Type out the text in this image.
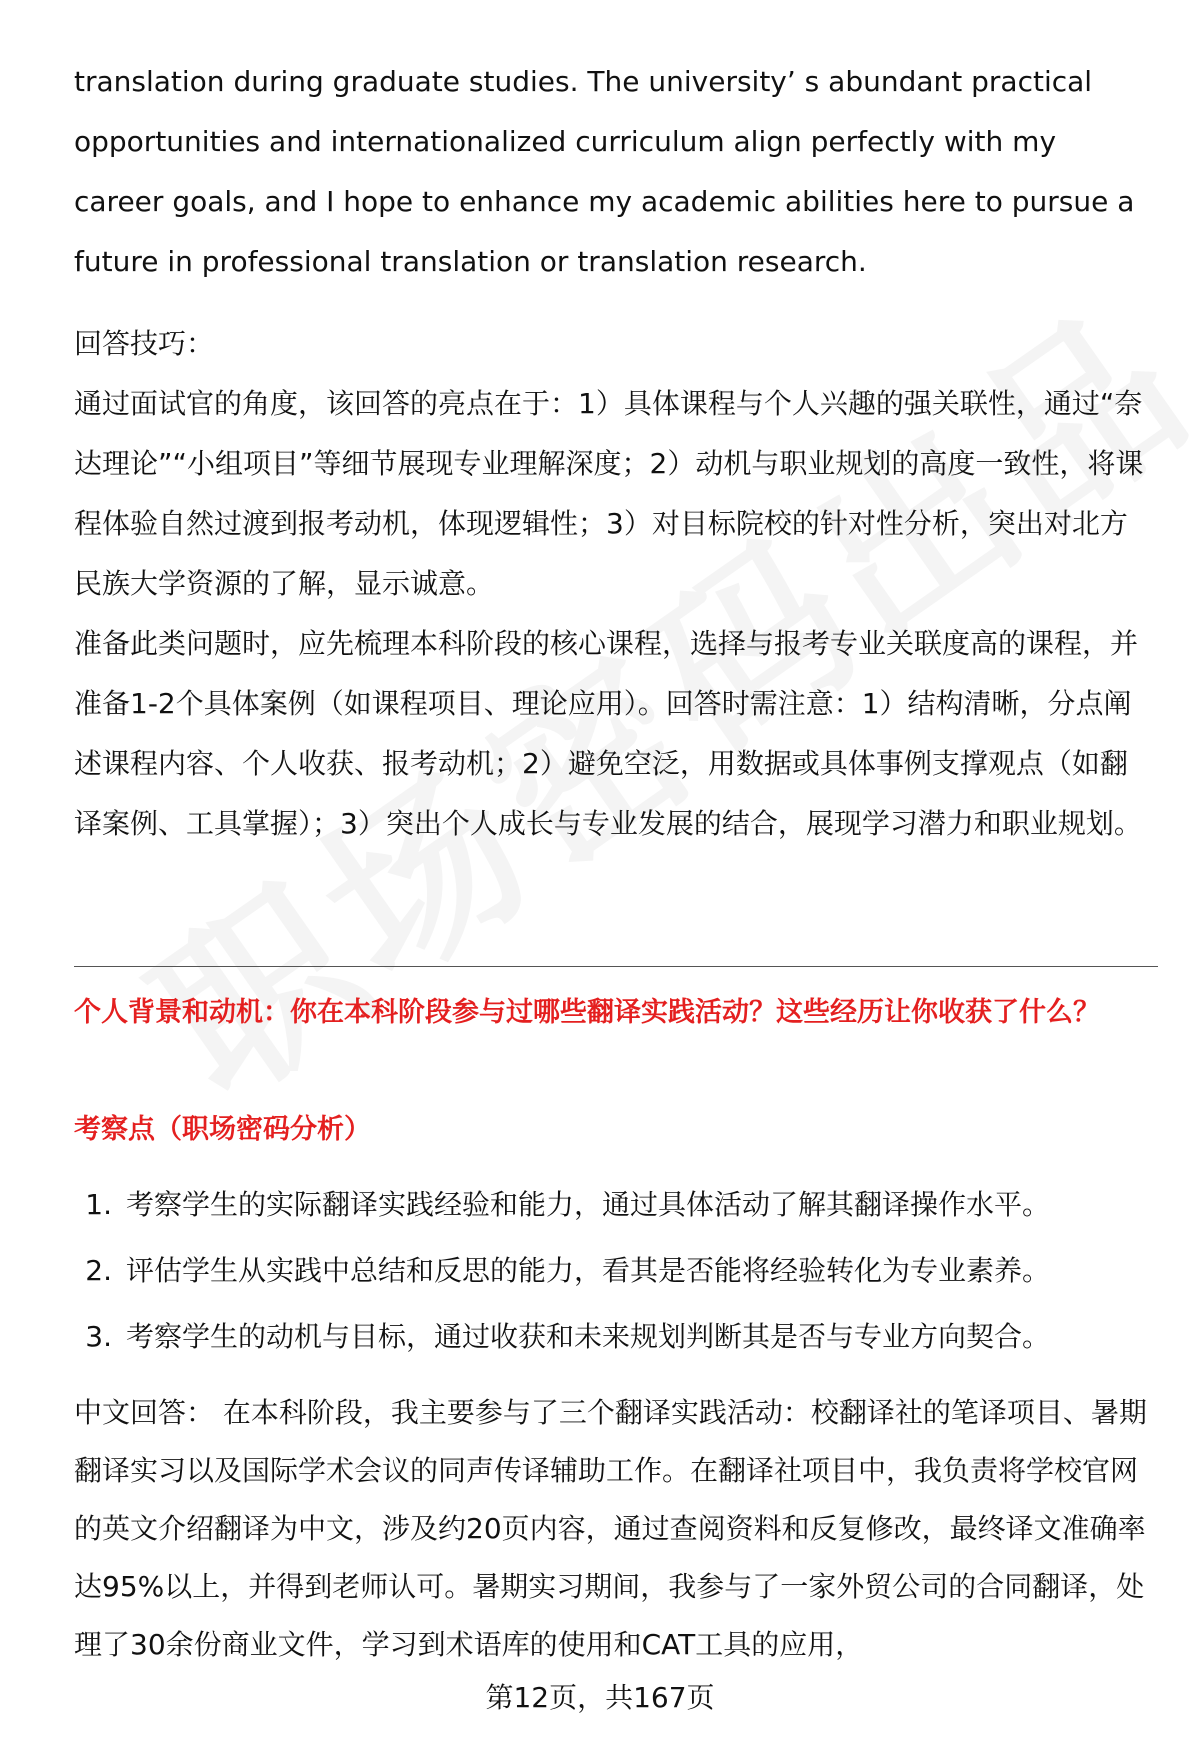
translation during graduate studies. The university’ s abundant practical opportunities and internationalized curriculum align perfectly with my career goals, and I hope to enhance my academic abilities here to pursue a future in professional translation or translation research.

回答技巧：

通过面试官的角度，该回答的亮点在于：1）具体课程与个人兴趣的强关联性，通过“奈达理论”“小组项目”等细节展现专业理解深度；2）动机与职业规划的高度一致性，将课程体验自然过渡到报考动机，体现逻辑性；3）对目标院校的针对性分析，突出对北方民族大学资源的了解，显示诚意。

准备此类问题时，应先梳理本科阶段的核心课程，选择与报考专业关联度高的课程，并准备1-2个具体案例（如课程项目、理论应用）。回答时需注意：1）结构清晰，分点阐述课程内容、个人收获、报考动机；2）避免空泛，用数据或具体事例支撑观点（如翻译案例、工具掌握）；3）突出个人成长与专业发展的结合，展现学习潜力和职业规划。

个人背景和动机：你在本科阶段参与过哪些翻译实践活动？这些经历让你收获了什么？

考察点（职场密码分析）

1. 考察学生的实际翻译实践经验和能力，通过具体活动了解其翻译操作水平。
2. 评估学生从实践中总结和反思的能力，看其是否能将经验转化为专业素养。
3. 考察学生的动机与目标，通过收获和未来规划判断其是否与专业方向契合。

中文回答： 在本科阶段，我主要参与了三个翻译实践活动：校翻译社的笔译项目、暑期翻译实习以及国际学术会议的同声传译辅助工作。在翻译社项目中，我负责将学校官网的英文介绍翻译为中文，涉及约20页内容，通过查阅资料和反复修改，最终译文准确率达95%以上，并得到老师认可。暑期实习期间，我参与了一家外贸公司的合同翻译，处理了30余份商业文件，学习到术语库的使用和CAT工具的应用，

第12页，共167页
